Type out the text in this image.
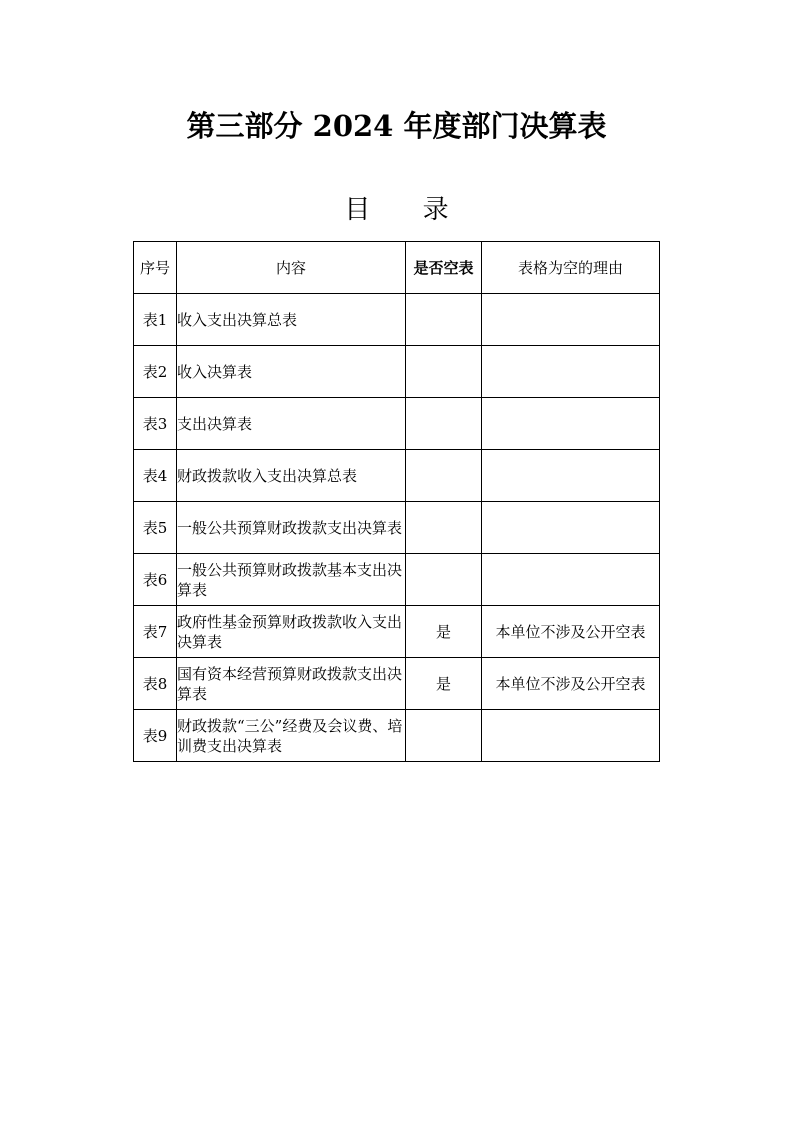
第三部分 2024 年度部门决算表
目 录
序号	内容	是否空表	表格为空的理由
表1	收入支出决算总表		
表2	收入决算表		
表3	支出决算表		
表4	财政拨款收入支出决算总表		
表5	一般公共预算财政拨款支出决算表		
表6	一般公共预算财政拨款基本支出决算表		
表7	政府性基金预算财政拨款收入支出决算表	是	本单位不涉及公开空表
表8	国有资本经营预算财政拨款支出决算表	是	本单位不涉及公开空表
表9	财政拨款“三公”经费及会议费、培训费支出决算表		
